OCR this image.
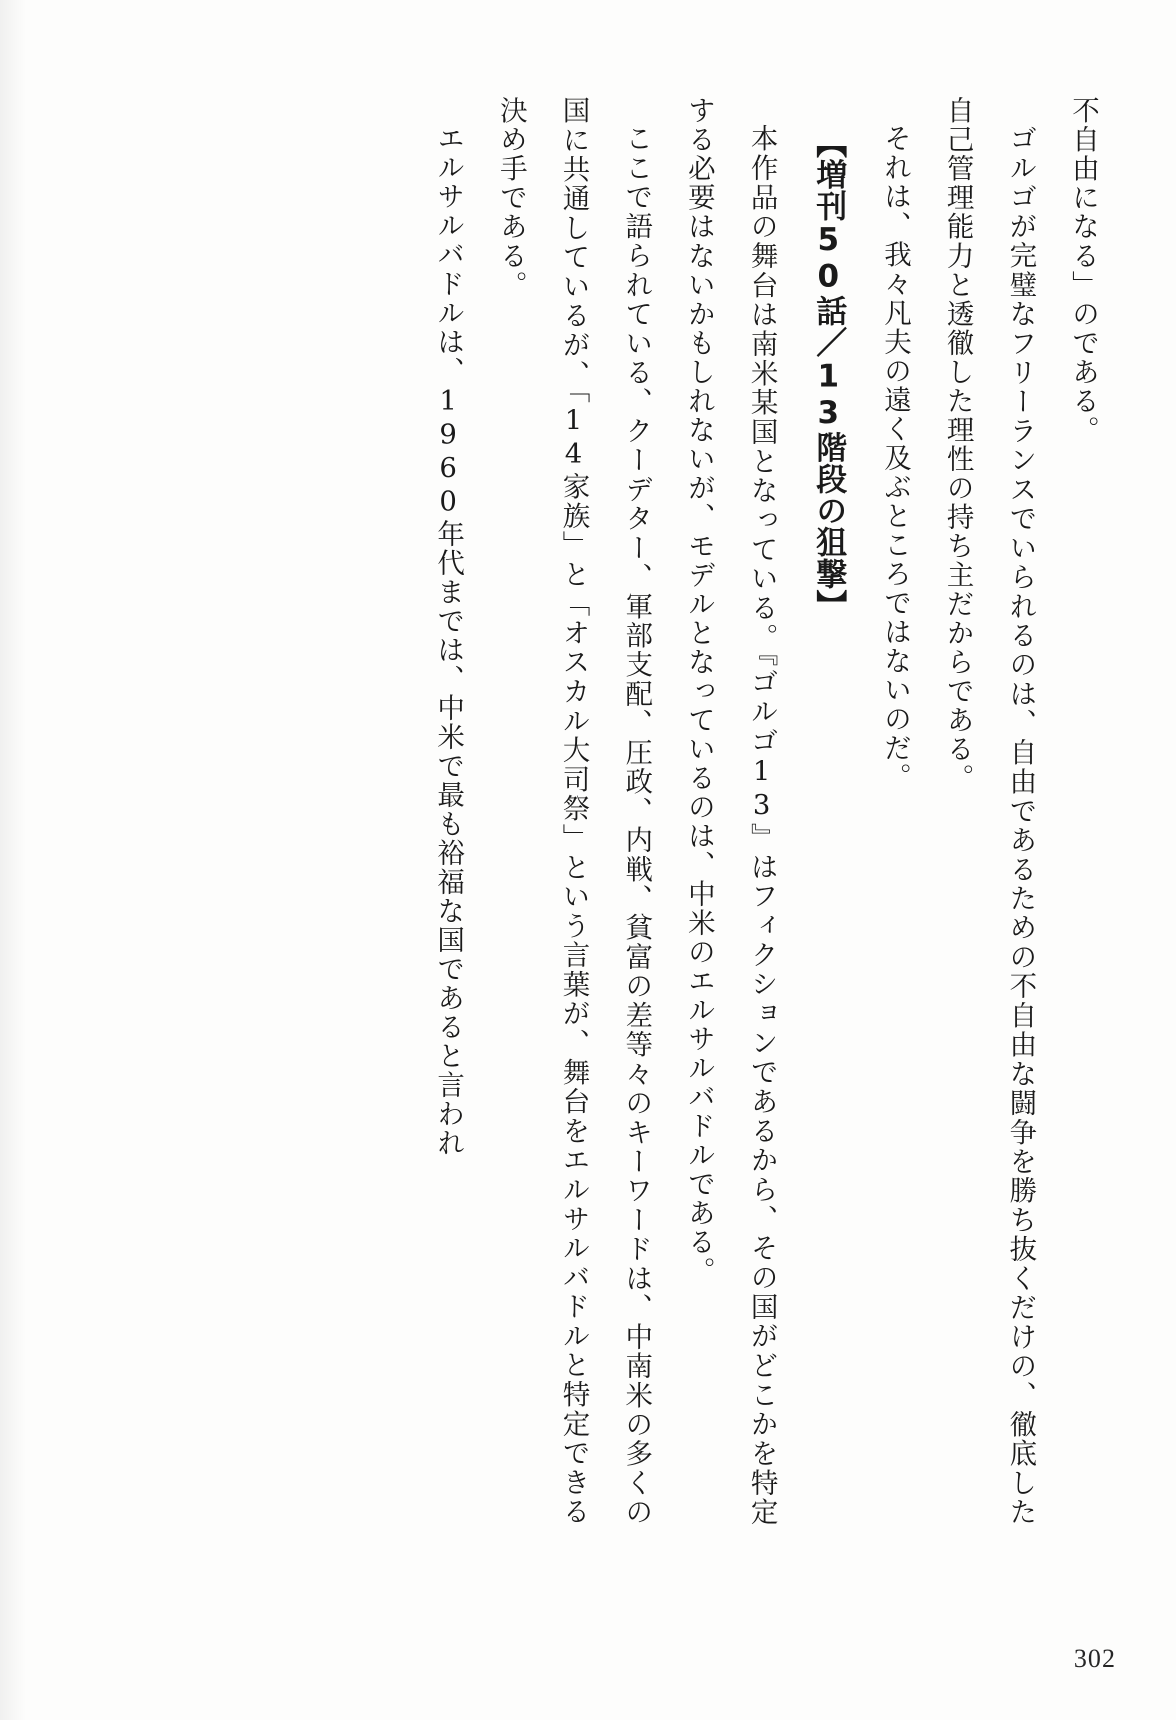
不自由になる」のである。

ゴルゴが完璧なフリーランスでいられるのは、自由であるための不自由な闘争を勝ち抜くだけの、徹底した自己管理能力と透徹した理性の持ち主だからである。

それは、我々凡夫の遠く及ぶところではないのだ。

【増刊50話／13階段の狙撃】

本作品の舞台は南米某国となっている。『ゴルゴ13』はフィクションであるから、その国がどこかを特定する必要はないかもしれないが、モデルとなっているのは、中米のエルサルバドルである。

ここで語られている、クーデター、軍部支配、圧政、内戦、貧富の差等々のキーワードは、中南米の多くの国に共通しているが、「14家族」と「オスカル大司祭」という言葉が、舞台をエルサルバドルと特定できる決め手である。

エルサルバドルは、1960年代までは、中米で最も裕福な国であると言われ

302
